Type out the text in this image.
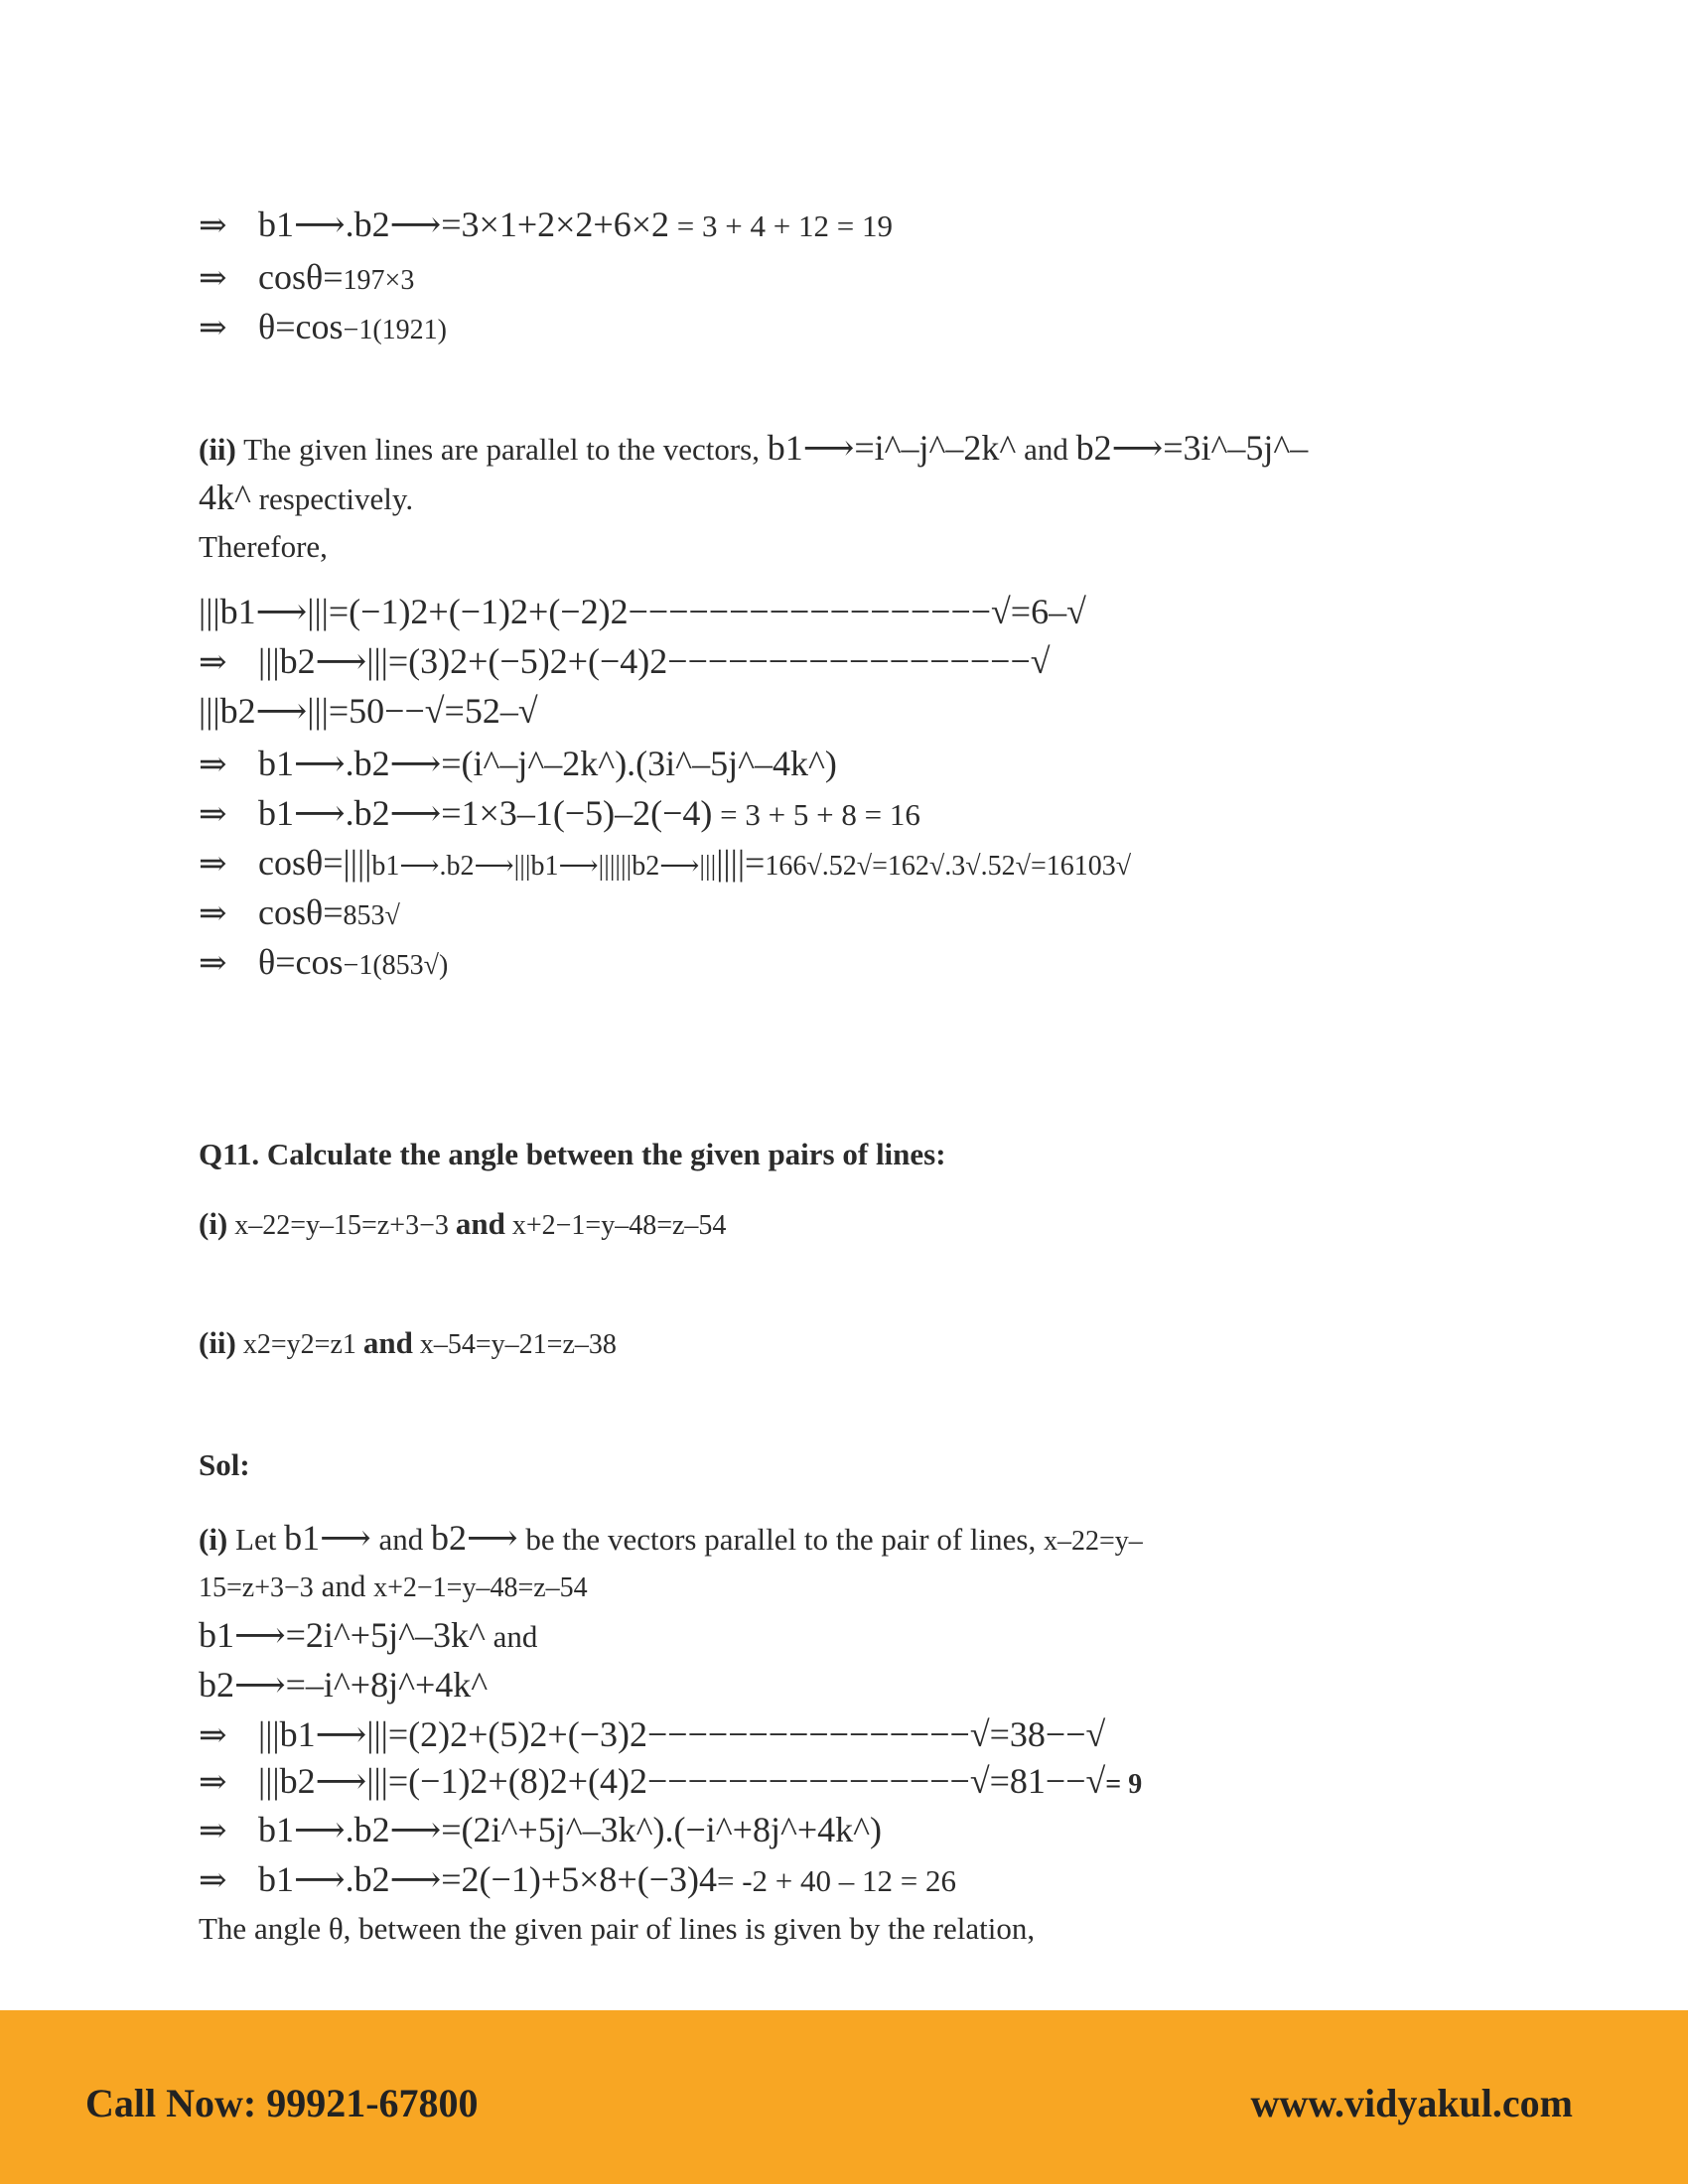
⇒ b1⟶.b2⟶=3×1+2×2+6×2 = 3 + 4 + 12 = 19
⇒ cosθ=197×3
⇒ θ=cos−1(1921)
(ii) The given lines are parallel to the vectors, b1⟶=i^–j^–2k^ and b2⟶=3i^–5j^–
4k^ respectively.
Therefore,
|||b1⟶|||=(−1)2+(−1)2+(−2)2−−−−−−−−−−−−−−−−−−√=6–√
⇒ |||b2⟶|||=(3)2+(−5)2+(−4)2−−−−−−−−−−−−−−−−−−√
|||b2⟶|||=50−−√=52–√
⇒ b1⟶.b2⟶=(i^–j^–2k^).(3i^–5j^–4k^)
⇒ b1⟶.b2⟶=1×3–1(−5)–2(−4) = 3 + 5 + 8 = 16
⇒ cosθ=||||b1⟶.b2⟶|||b1⟶||||||b2⟶|||||||=166√.52√=162√.3√.52√=16103√
⇒ cosθ=853√
⇒ θ=cos−1(853√)
Q11. Calculate the angle between the given pairs of lines:
(i) x–22=y–15=z+3−3 and x+2−1=y–48=z–54
(ii) x2=y2=z1 and x–54=y–21=z–38
Sol:
(i) Let b1⟶ and b2⟶ be the vectors parallel to the pair of lines, x–22=y–
15=z+3−3 and x+2−1=y–48=z–54
b1⟶=2i^+5j^–3k^ and
b2⟶=–i^+8j^+4k^
⇒ |||b1⟶|||=(2)2+(5)2+(−3)2−−−−−−−−−−−−−−−−√=38−−√
⇒ |||b2⟶|||=(−1)2+(8)2+(4)2−−−−−−−−−−−−−−−−√=81−−√= 9
⇒ b1⟶.b2⟶=(2i^+5j^–3k^).(−i^+8j^+4k^)
⇒ b1⟶.b2⟶=2(−1)+5×8+(−3)4= -2 + 40 – 12 = 26
The angle θ, between the given pair of lines is given by the relation,
Call Now: 99921-67800	www.vidyakul.com
